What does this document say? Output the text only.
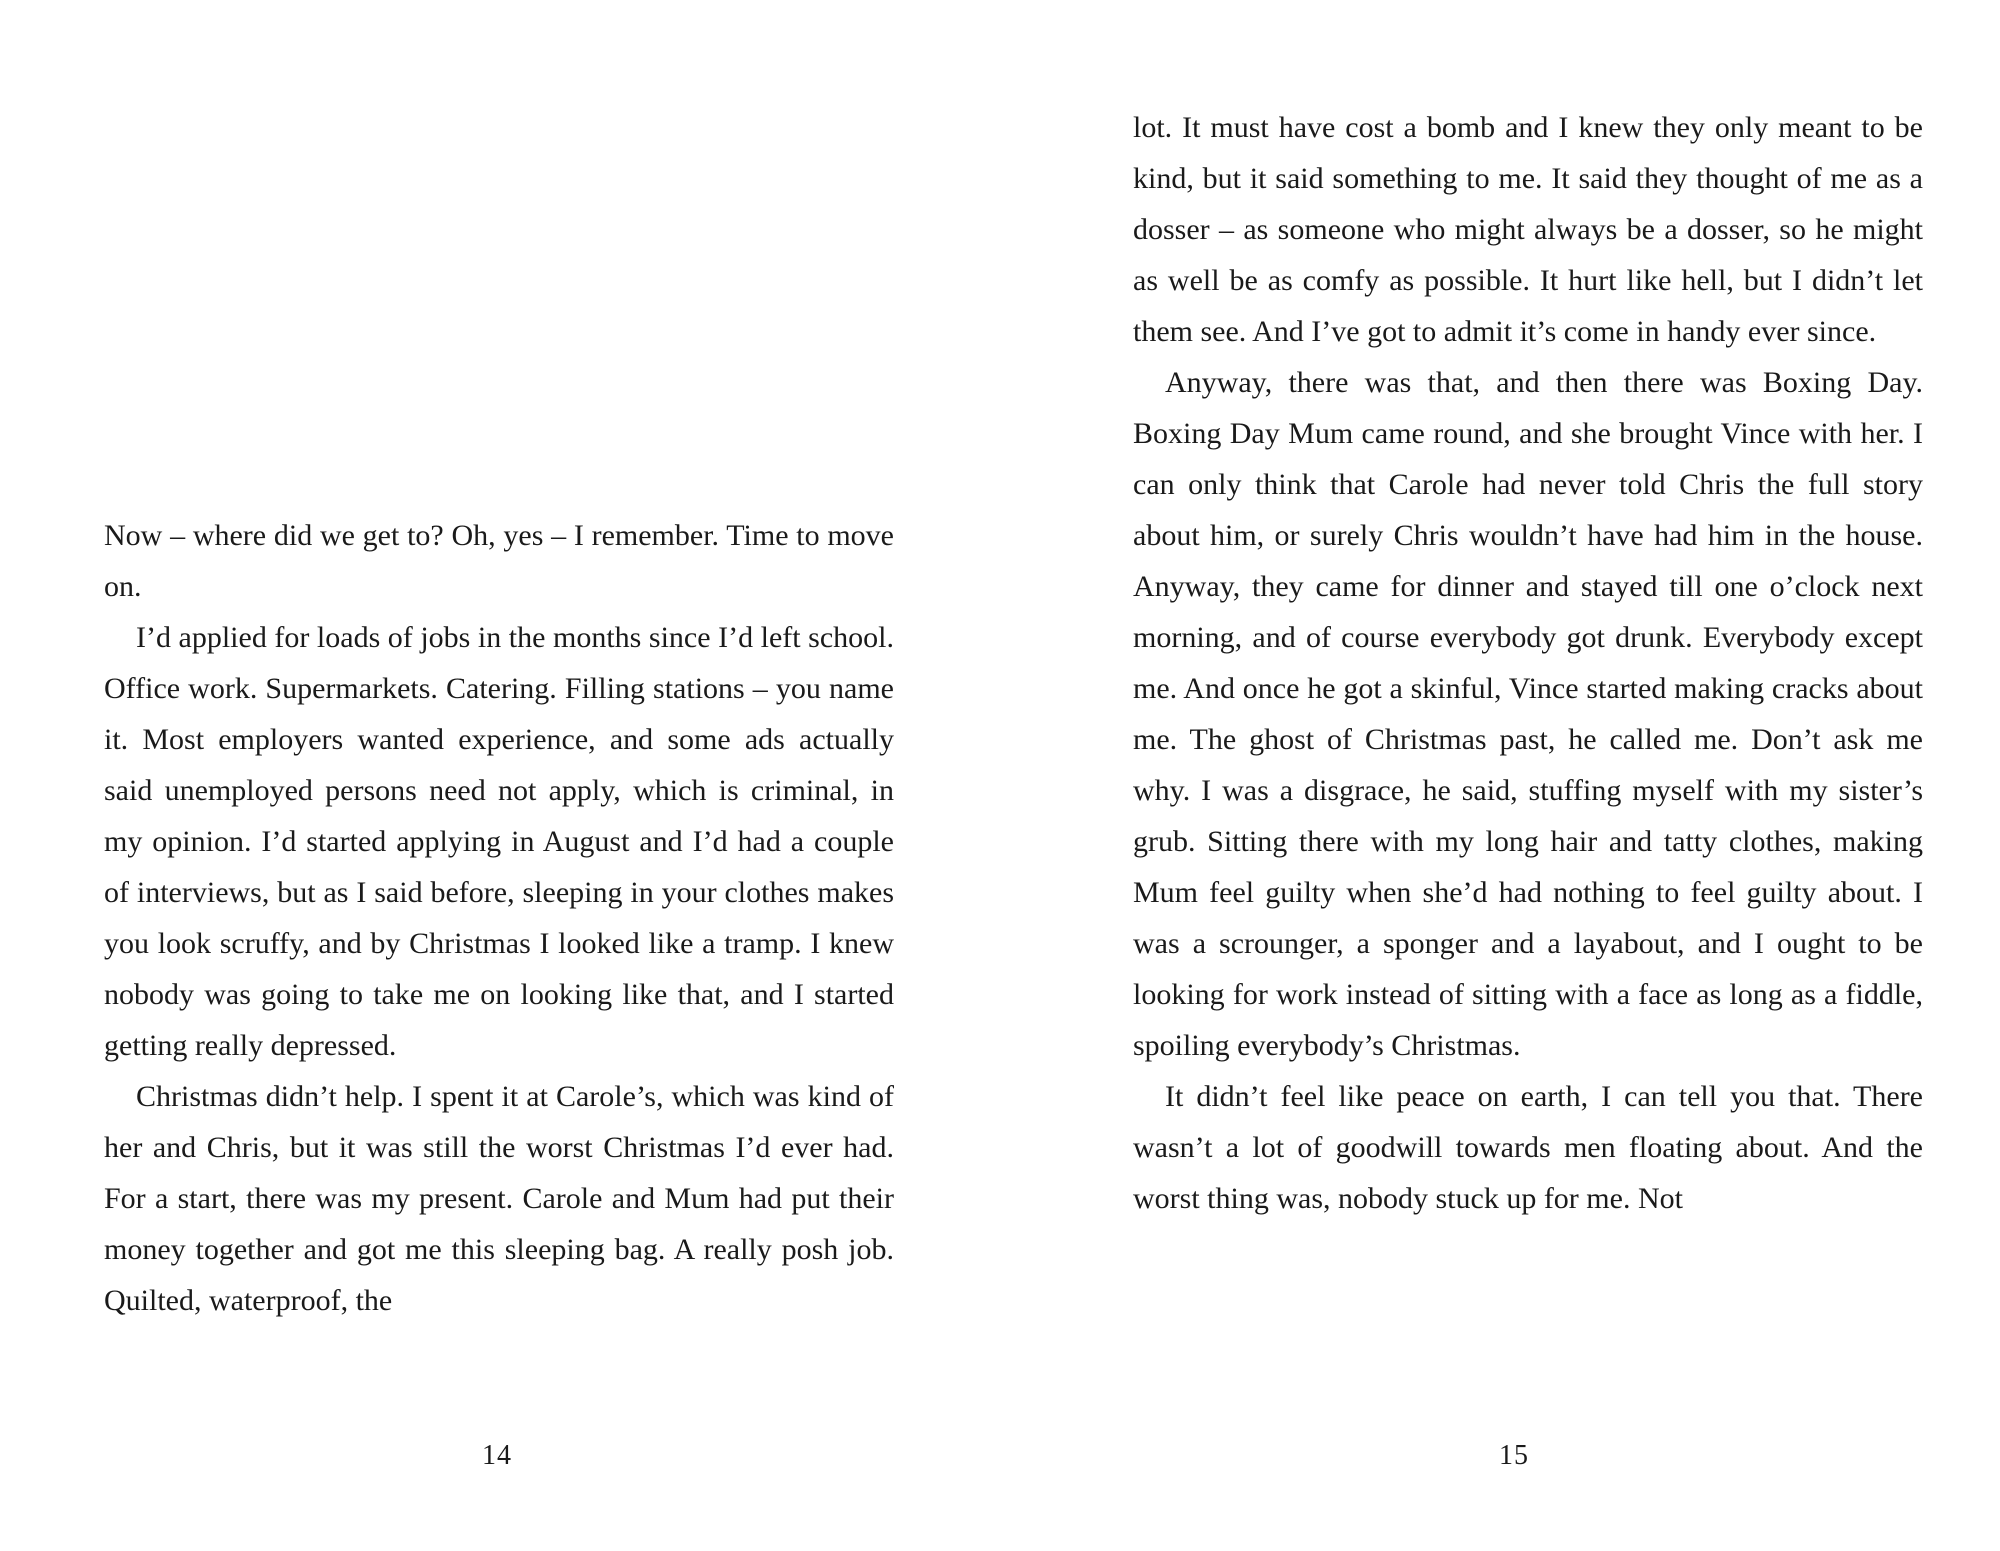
Now – where did we get to? Oh, yes – I remember. Time to move on.

I’d applied for loads of jobs in the months since I’d left school. Office work. Supermarkets. Catering. Filling stations – you name it. Most employers wanted experience, and some ads actually said unemployed persons need not apply, which is criminal, in my opinion. I’d started applying in August and I’d had a couple of interviews, but as I said before, sleeping in your clothes makes you look scruffy, and by Christmas I looked like a tramp. I knew nobody was going to take me on looking like that, and I started getting really depressed.

Christmas didn’t help. I spent it at Carole’s, which was kind of her and Chris, but it was still the worst Christmas I’d ever had. For a start, there was my present. Carole and Mum had put their money together and got me this sleeping bag. A really posh job. Quilted, waterproof, the

14

lot. It must have cost a bomb and I knew they only meant to be kind, but it said something to me. It said they thought of me as a dosser – as someone who might always be a dosser, so he might as well be as comfy as possible. It hurt like hell, but I didn’t let them see. And I’ve got to admit it’s come in handy ever since.

Anyway, there was that, and then there was Boxing Day. Boxing Day Mum came round, and she brought Vince with her. I can only think that Carole had never told Chris the full story about him, or surely Chris wouldn’t have had him in the house. Anyway, they came for dinner and stayed till one o’clock next morning, and of course everybody got drunk. Everybody except me. And once he got a skinful, Vince started making cracks about me. The ghost of Christmas past, he called me. Don’t ask me why. I was a disgrace, he said, stuffing myself with my sister’s grub. Sitting there with my long hair and tatty clothes, making Mum feel guilty when she’d had nothing to feel guilty about. I was a scrounger, a sponger and a layabout, and I ought to be looking for work instead of sitting with a face as long as a fiddle, spoiling everybody’s Christmas.

It didn’t feel like peace on earth, I can tell you that. There wasn’t a lot of goodwill towards men floating about. And the worst thing was, nobody stuck up for me. Not

15
